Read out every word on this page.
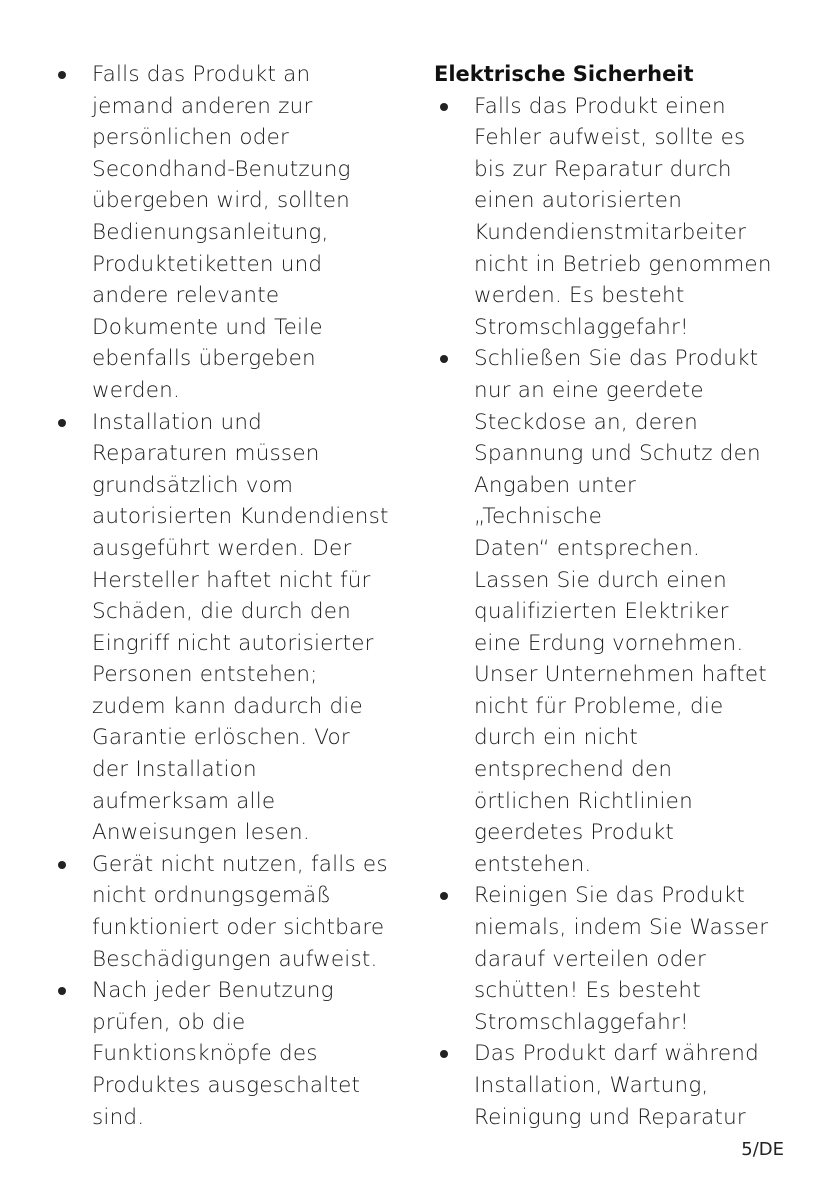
Falls das Produkt an
jemand anderen zur
persönlichen oder
Secondhand-Benutzung
übergeben wird, sollten
Bedienungsanleitung,
Produktetiketten und
andere relevante
Dokumente und Teile
ebenfalls übergeben
werden.
Installation und
Reparaturen müssen
grundsätzlich vom
autorisierten Kundendienst
ausgeführt werden. Der
Hersteller haftet nicht für
Schäden, die durch den
Eingriff nicht autorisierter
Personen entstehen;
zudem kann dadurch die
Garantie erlöschen. Vor
der Installation
aufmerksam alle
Anweisungen lesen.
Gerät nicht nutzen, falls es
nicht ordnungsgemäß
funktioniert oder sichtbare
Beschädigungen aufweist.
Nach jeder Benutzung
prüfen, ob die
Funktionsknöpfe des
Produktes ausgeschaltet
sind.
Elektrische Sicherheit
Falls das Produkt einen
Fehler aufweist, sollte es
bis zur Reparatur durch
einen autorisierten
Kundendienstmitarbeiter
nicht in Betrieb genommen
werden. Es besteht
Stromschlaggefahr!
Schließen Sie das Produkt
nur an eine geerdete
Steckdose an, deren
Spannung und Schutz den
Angaben unter
„Technische
Daten“ entsprechen.
Lassen Sie durch einen
qualifizierten Elektriker
eine Erdung vornehmen.
Unser Unternehmen haftet
nicht für Probleme, die
durch ein nicht
entsprechend den
örtlichen Richtlinien
geerdetes Produkt
entstehen.
Reinigen Sie das Produkt
niemals, indem Sie Wasser
darauf verteilen oder
schütten! Es besteht
Stromschlaggefahr!
Das Produkt darf während
Installation, Wartung,
Reinigung und Reparatur
5/DE
